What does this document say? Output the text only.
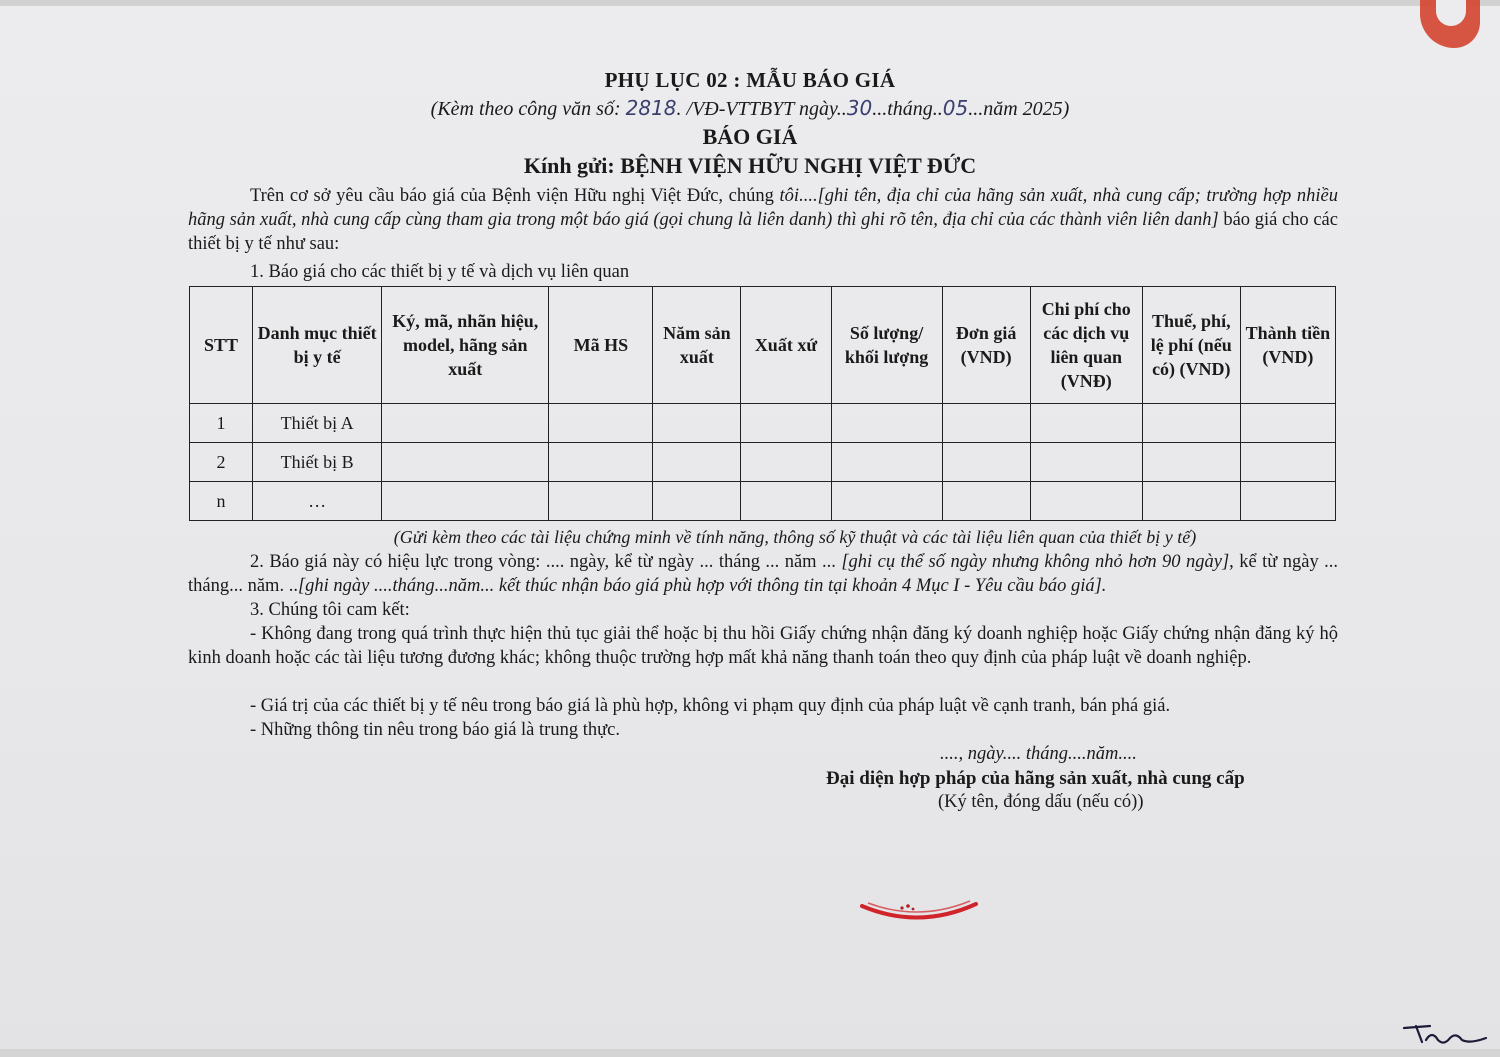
PHỤ LỤC 02 : MẪU BÁO GIÁ
(Kèm theo công văn số: 2818. /VĐ-VTTBYT ngày..30...tháng..05...năm 2025)
BÁO GIÁ
Kính gửi: BỆNH VIỆN HỮU NGHỊ VIỆT ĐỨC
Trên cơ sở yêu cầu báo giá của Bệnh viện Hữu nghị Việt Đức, chúng tôi....[ghi tên, địa chỉ của hãng sản xuất, nhà cung cấp; trường hợp nhiều hãng sản xuất, nhà cung cấp cùng tham gia trong một báo giá (gọi chung là liên danh) thì ghi rõ tên, địa chỉ của các thành viên liên danh] báo giá cho các thiết bị y tế như sau:
1. Báo giá cho các thiết bị y tế và dịch vụ liên quan
STT	Danh mục thiết bị y tế	Ký, mã, nhãn hiệu, model, hãng sản xuất	Mã HS	Năm sản xuất	Xuất xứ	Số lượng/ khối lượng	Đơn giá (VND)	Chi phí cho các dịch vụ liên quan (VNĐ)	Thuế, phí, lệ phí (nếu có) (VND)	Thành tiền (VND)
1	Thiết bị A									
2	Thiết bị B									
n	…									
(Gửi kèm theo các tài liệu chứng minh về tính năng, thông số kỹ thuật và các tài liệu liên quan của thiết bị y tế)
2. Báo giá này có hiệu lực trong vòng: .... ngày, kể từ ngày ... tháng ... năm ... [ghi cụ thể số ngày nhưng không nhỏ hơn 90 ngày], kể từ ngày ... tháng... năm. ..[ghi ngày ....tháng...năm... kết thúc nhận báo giá phù hợp với thông tin tại khoản 4 Mục I - Yêu cầu báo giá].
3. Chúng tôi cam kết:
- Không đang trong quá trình thực hiện thủ tục giải thể hoặc bị thu hồi Giấy chứng nhận đăng ký doanh nghiệp hoặc Giấy chứng nhận đăng ký hộ kinh doanh hoặc các tài liệu tương đương khác; không thuộc trường hợp mất khả năng thanh toán theo quy định của pháp luật về doanh nghiệp.
- Giá trị của các thiết bị y tế nêu trong báo giá là phù hợp, không vi phạm quy định của pháp luật về cạnh tranh, bán phá giá.
- Những thông tin nêu trong báo giá là trung thực.
...., ngày.... tháng....năm....
Đại diện hợp pháp của hãng sản xuất, nhà cung cấp
(Ký tên, đóng dấu (nếu có))
